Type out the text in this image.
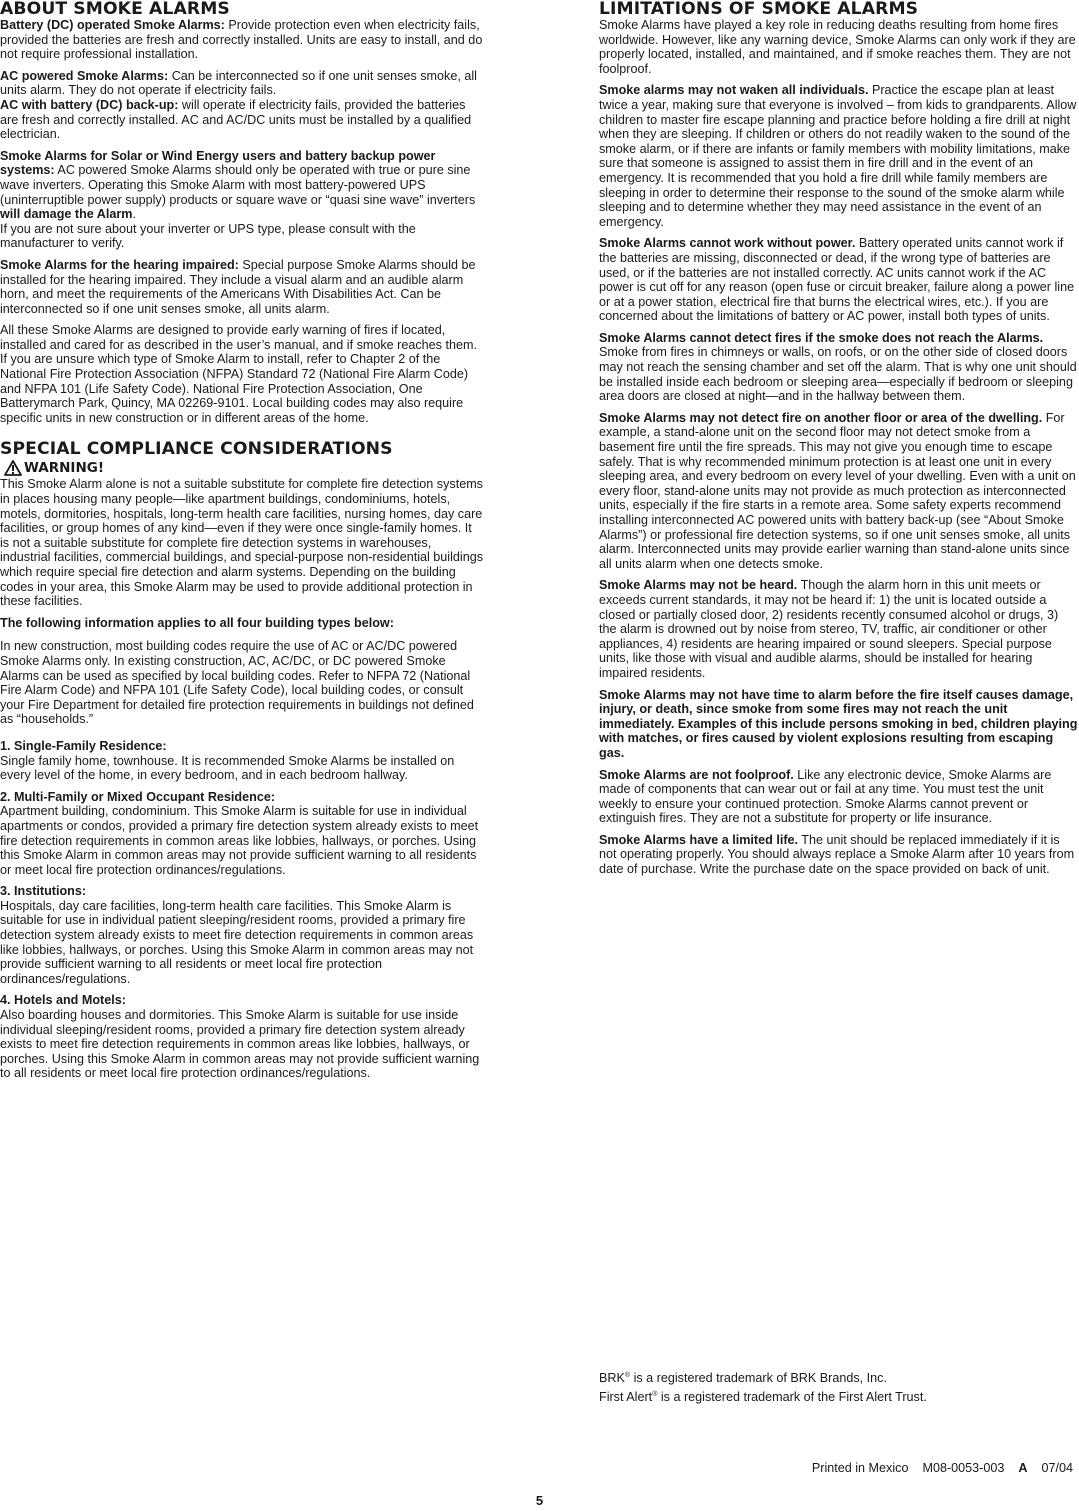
ABOUT SMOKE ALARMS

Battery (DC) operated Smoke Alarms: Provide protection even when electricity fails, provided the batteries are fresh and correctly installed. Units are easy to install, and do not require professional installation.

AC powered Smoke Alarms: Can be interconnected so if one unit senses smoke, all units alarm. They do not operate if electricity fails.

AC with battery (DC) back-up: will operate if electricity fails, provided the batteries are fresh and correctly installed. AC and AC/DC units must be installed by a qualified electrician.

Smoke Alarms for Solar or Wind Energy users and battery backup power systems: AC powered Smoke Alarms should only be operated with true or pure sine wave inverters. Operating this Smoke Alarm with most battery-powered UPS (uninterruptible power supply) products or square wave or “quasi sine wave” inverters will damage the Alarm.
If you are not sure about your inverter or UPS type, please consult with the manufacturer to verify.

Smoke Alarms for the hearing impaired: Special purpose Smoke Alarms should be installed for the hearing impaired. They include a visual alarm and an audible alarm horn, and meet the requirements of the Americans With Disabilities Act. Can be interconnected so if one unit senses smoke, all units alarm.

All these Smoke Alarms are designed to provide early warning of fires if located, installed and cared for as described in the user’s manual, and if smoke reaches them. If you are unsure which type of Smoke Alarm to install, refer to Chapter 2 of the National Fire Protection Association (NFPA) Standard 72 (National Fire Alarm Code) and NFPA 101 (Life Safety Code). National Fire Protection Association, One Batterymarch Park, Quincy, MA 02269-9101. Local building codes may also require specific units in new construction or in different areas of the home.

SPECIAL COMPLIANCE CONSIDERATIONS
WARNING!

This Smoke Alarm alone is not a suitable substitute for complete fire detection systems in places housing many people—like apartment buildings, condominiums, hotels, motels, dormitories, hospitals, long-term health care facilities, nursing homes, day care facilities, or group homes of any kind—even if they were once single-family homes. It is not a suitable substitute for complete fire detection systems in warehouses, industrial facilities, commercial buildings, and special-purpose non-residential buildings which require special fire detection and alarm systems. Depending on the building codes in your area, this Smoke Alarm may be used to provide additional protection in these facilities.

The following information applies to all four building types below:

In new construction, most building codes require the use of AC or AC/DC powered Smoke Alarms only. In existing construction, AC, AC/DC, or DC powered Smoke Alarms can be used as specified by local building codes. Refer to NFPA 72 (National Fire Alarm Code) and NFPA 101 (Life Safety Code), local building codes, or consult your Fire Department for detailed fire protection requirements in buildings not defined as “households.”

1. Single-Family Residence:
Single family home, townhouse. It is recommended Smoke Alarms be installed on every level of the home, in every bedroom, and in each bedroom hallway.

2. Multi-Family or Mixed Occupant Residence:
Apartment building, condominium. This Smoke Alarm is suitable for use in individual apartments or condos, provided a primary fire detection system already exists to meet fire detection requirements in common areas like lobbies, hallways, or porches. Using this Smoke Alarm in common areas may not provide sufficient warning to all residents or meet local fire protection ordinances/regulations.

3. Institutions:
Hospitals, day care facilities, long-term health care facilities. This Smoke Alarm is suitable for use in individual patient sleeping/resident rooms, provided a primary fire detection system already exists to meet fire detection requirements in common areas like lobbies, hallways, or porches. Using this Smoke Alarm in common areas may not provide sufficient warning to all residents or meet local fire protection ordinances/regulations.

4. Hotels and Motels:
Also boarding houses and dormitories. This Smoke Alarm is suitable for use inside individual sleeping/resident rooms, provided a primary fire detection system already exists to meet fire detection requirements in common areas like lobbies, hallways, or porches. Using this Smoke Alarm in common areas may not provide sufficient warning to all residents or meet local fire protection ordinances/regulations.

LIMITATIONS OF SMOKE ALARMS

Smoke Alarms have played a key role in reducing deaths resulting from home fires worldwide. However, like any warning device, Smoke Alarms can only work if they are properly located, installed, and maintained, and if smoke reaches them. They are not foolproof.

Smoke alarms may not waken all individuals. Practice the escape plan at least twice a year, making sure that everyone is involved – from kids to grandparents. Allow children to master fire escape planning and practice before holding a fire drill at night when they are sleeping. If children or others do not readily waken to the sound of the smoke alarm, or if there are infants or family members with mobility limitations, make sure that someone is assigned to assist them in fire drill and in the event of an emergency. It is recommended that you hold a fire drill while family members are sleeping in order to determine their response to the sound of the smoke alarm while sleeping and to determine whether they may need assistance in the event of an emergency.

Smoke Alarms cannot work without power. Battery operated units cannot work if the batteries are missing, disconnected or dead, if the wrong type of batteries are used, or if the batteries are not installed correctly. AC units cannot work if the AC power is cut off for any reason (open fuse or circuit breaker, failure along a power line or at a power station, electrical fire that burns the electrical wires, etc.). If you are concerned about the limitations of battery or AC power, install both types of units.

Smoke Alarms cannot detect fires if the smoke does not reach the Alarms. Smoke from fires in chimneys or walls, on roofs, or on the other side of closed doors may not reach the sensing chamber and set off the alarm. That is why one unit should be installed inside each bedroom or sleeping area—especially if bedroom or sleeping area doors are closed at night—and in the hallway between them.

Smoke Alarms may not detect fire on another floor or area of the dwelling. For example, a stand-alone unit on the second floor may not detect smoke from a basement fire until the fire spreads. This may not give you enough time to escape safely. That is why recommended minimum protection is at least one unit in every sleeping area, and every bedroom on every level of your dwelling. Even with a unit on every floor, stand-alone units may not provide as much protection as interconnected units, especially if the fire starts in a remote area. Some safety experts recommend installing interconnected AC powered units with battery back-up (see “About Smoke Alarms”) or professional fire detection systems, so if one unit senses smoke, all units alarm. Interconnected units may provide earlier warning than stand-alone units since all units alarm when one detects smoke.

Smoke Alarms may not be heard. Though the alarm horn in this unit meets or exceeds current standards, it may not be heard if: 1) the unit is located outside a closed or partially closed door, 2) residents recently consumed alcohol or drugs, 3) the alarm is drowned out by noise from stereo, TV, traffic, air conditioner or other appliances, 4) residents are hearing impaired or sound sleepers. Special purpose units, like those with visual and audible alarms, should be installed for hearing impaired residents.

Smoke Alarms may not have time to alarm before the fire itself causes damage, injury, or death, since smoke from some fires may not reach the unit immediately. Examples of this include persons smoking in bed, children playing with matches, or fires caused by violent explosions resulting from escaping gas.

Smoke Alarms are not foolproof. Like any electronic device, Smoke Alarms are made of components that can wear out or fail at any time. You must test the unit weekly to ensure your continued protection. Smoke Alarms cannot prevent or extinguish fires. They are not a substitute for property or life insurance.

Smoke Alarms have a limited life. The unit should be replaced immediately if it is not operating properly. You should always replace a Smoke Alarm after 10 years from date of purchase. Write the purchase date on the space provided on back of unit.

BRK® is a registered trademark of BRK Brands, Inc.
First Alert® is a registered trademark of the First Alert Trust.
Printed in Mexico M08-0053-003 A 07/04
5
